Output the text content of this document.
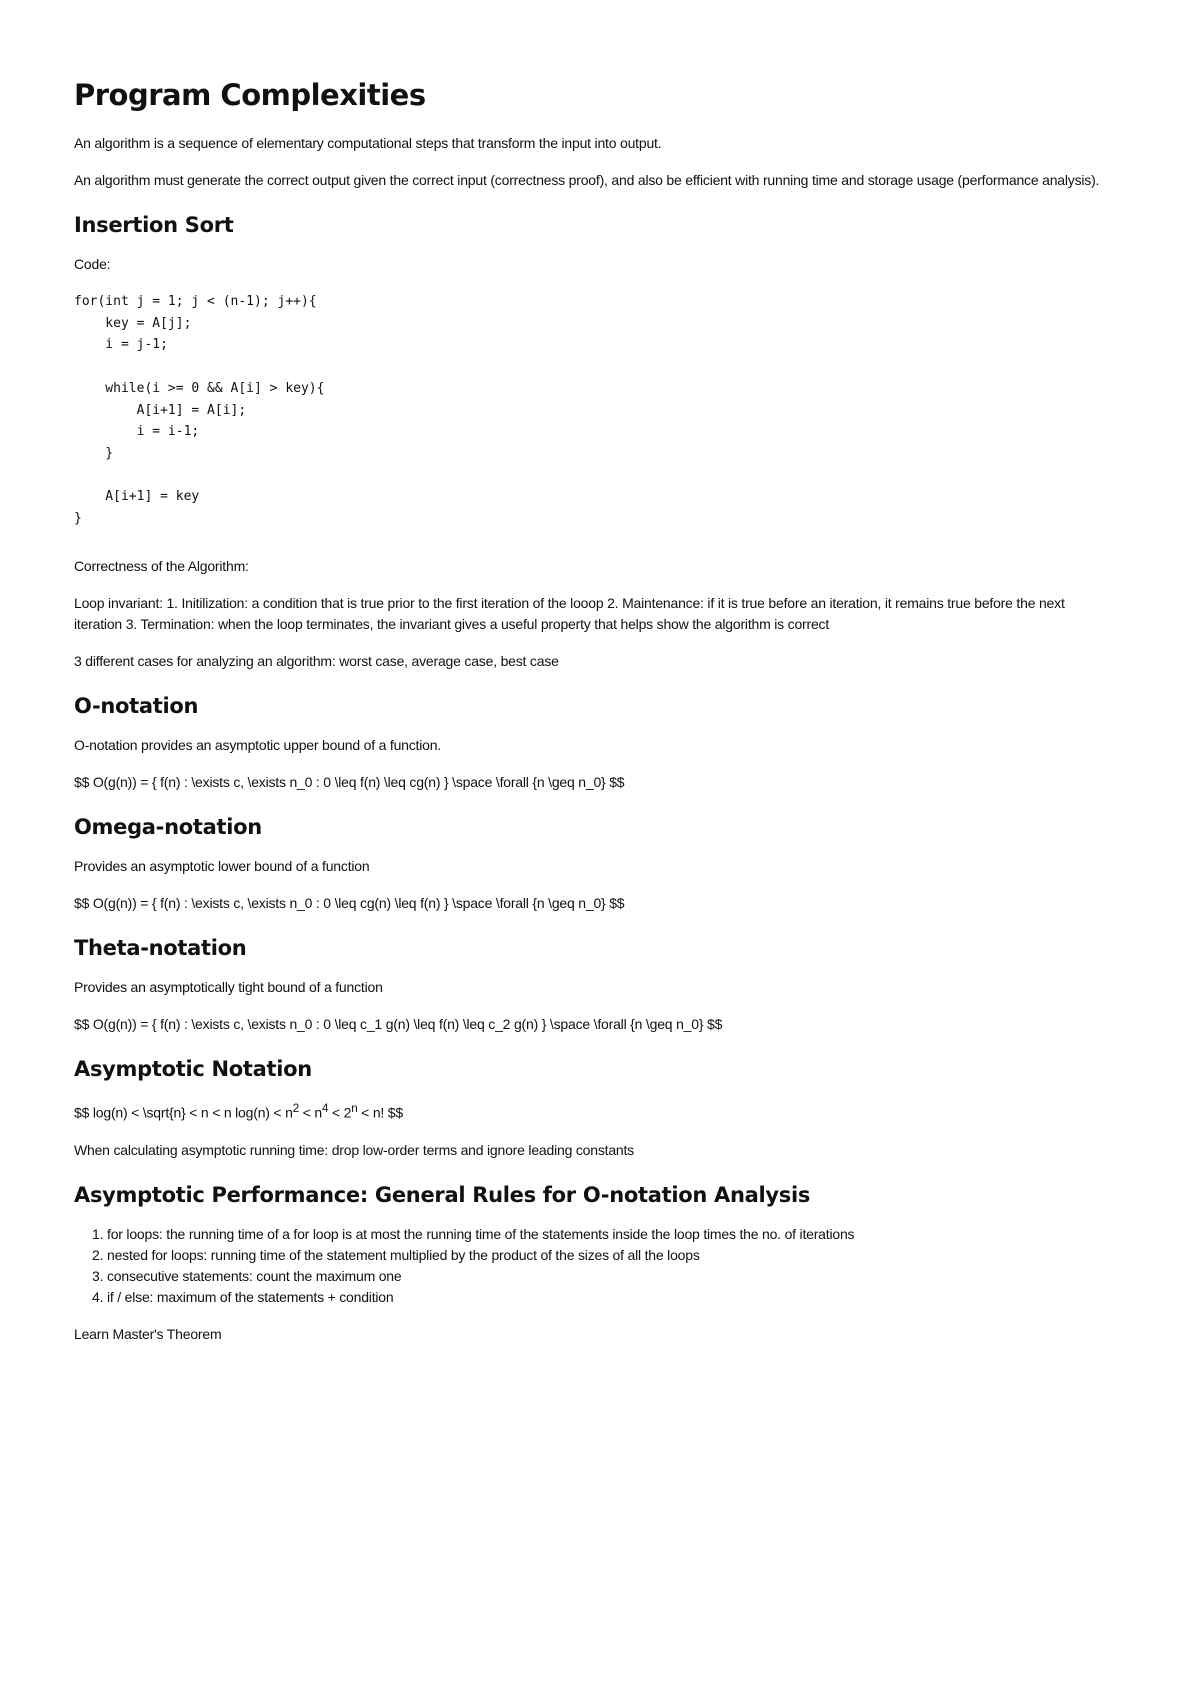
Program Complexities

An algorithm is a sequence of elementary computational steps that transform the input into output.

An algorithm must generate the correct output given the correct input (correctness proof), and also be efficient with running time and storage usage (performance analysis).

Insertion Sort

Code:

for(int j = 1; j < (n-1); j++){
key = A[j];
i = j-1;

while(i >= 0 && A[i] > key){
A[i+1] = A[i];
i = i-1;
}

A[i+1] = key
}

Correctness of the Algorithm:

Loop invariant: 1. Initilization: a condition that is true prior to the first iteration of the looop 2. Maintenance: if it is true before an iteration, it remains true before the next iteration 3. Termination: when the loop terminates, the invariant gives a useful property that helps show the algorithm is correct

3 different cases for analyzing an algorithm: worst case, average case, best case

O-notation

O-notation provides an asymptotic upper bound of a function.

$$ O(g(n)) = { f(n) : \exists c, \exists n_0 : 0 \leq f(n) \leq cg(n) } \space \forall {n \geq n_0} $$

Omega-notation

Provides an asymptotic lower bound of a function

$$ O(g(n)) = { f(n) : \exists c, \exists n_0 : 0 \leq cg(n) \leq f(n) } \space \forall {n \geq n_0} $$

Theta-notation

Provides an asymptotically tight bound of a function

$$ O(g(n)) = { f(n) : \exists c, \exists n_0 : 0 \leq c_1 g(n) \leq f(n) \leq c_2 g(n) } \space \forall {n \geq n_0} $$

Asymptotic Notation

$$ log(n) < \sqrt{n} < n < n $\log(n) < n^2 < n^4 < 2^n < n$! $$

When calculating asymptotic running time: drop low-order terms and ignore leading constants

Asymptotic Performance: General Rules for O-notation Analysis
1. for loops: the running time of a for loop is at most the running time of the statements inside the loop times the no. of iterations
2. nested for loops: running time of the statement multiplied by the product of the sizes of all the loops
3. consecutive statements: count the maximum one
4. if / else: maximum of the statements + condition

Learn Master's Theorem
